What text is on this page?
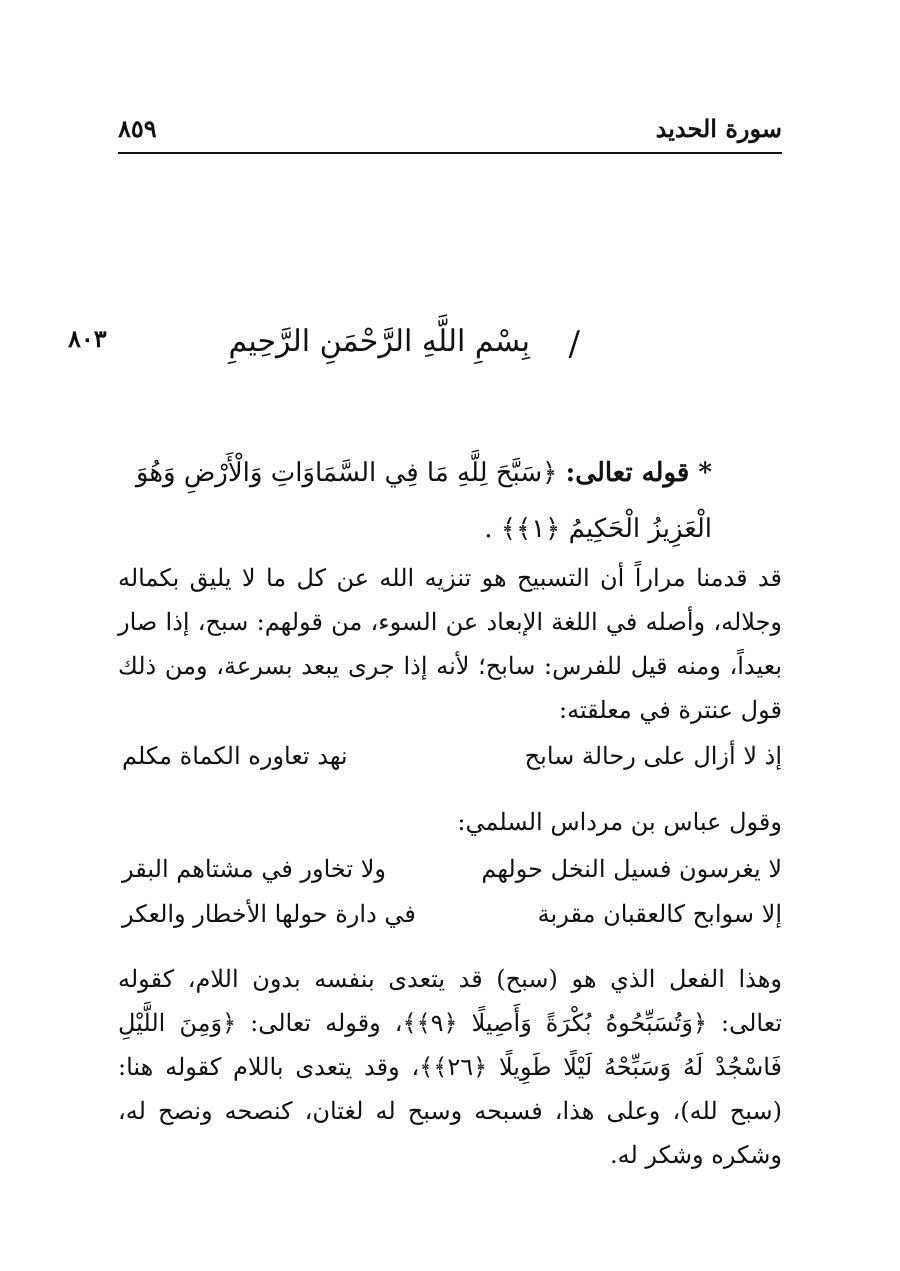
سورة الحديد
٨٥٩
/
بِسْمِ اللَّهِ الرَّحْمَنِ الرَّحِيمِ
٨٠٣
* قوله تعالى: ﴿سَبَّحَ لِلَّهِ مَا فِي السَّمَاوَاتِ وَالْأَرْضِ وَهُوَ الْعَزِيزُ الْحَكِيمُ ﴿١﴾﴾ .
قد قدمنا مراراً أن التسبيح هو تنزيه الله عن كل ما لا يليق بكماله وجلاله، وأصله في اللغة الإبعاد عن السوء، من قولهم: سبح، إذا صار بعيداً، ومنه قيل للفرس: سابح؛ لأنه إذا جرى يبعد بسرعة، ومن ذلك قول عنترة في معلقته:
إذ لا أزال على رحالة سابح
نهد تعاوره الكماة مكلم
وقول عباس بن مرداس السلمي:
لا يغرسون فسيل النخل حولهم
ولا تخاور في مشتاهم البقر
إلا سوابح كالعقبان مقربة
في دارة حولها الأخطار والعكر
وهذا الفعل الذي هو (سبح) قد يتعدى بنفسه بدون اللام، كقوله تعالى: ﴿وَتُسَبِّحُوهُ بُكْرَةً وَأَصِيلًا ﴿٩﴾﴾، وقوله تعالى: ﴿وَمِنَ اللَّيْلِ فَاسْجُدْ لَهُ وَسَبِّحْهُ لَيْلًا طَوِيلًا ﴿٢٦﴾﴾، وقد يتعدى باللام كقوله هنا: (سبح لله)، وعلى هذا، فسبحه وسبح له لغتان، كنصحه ونصح له، وشكره وشكر له.
